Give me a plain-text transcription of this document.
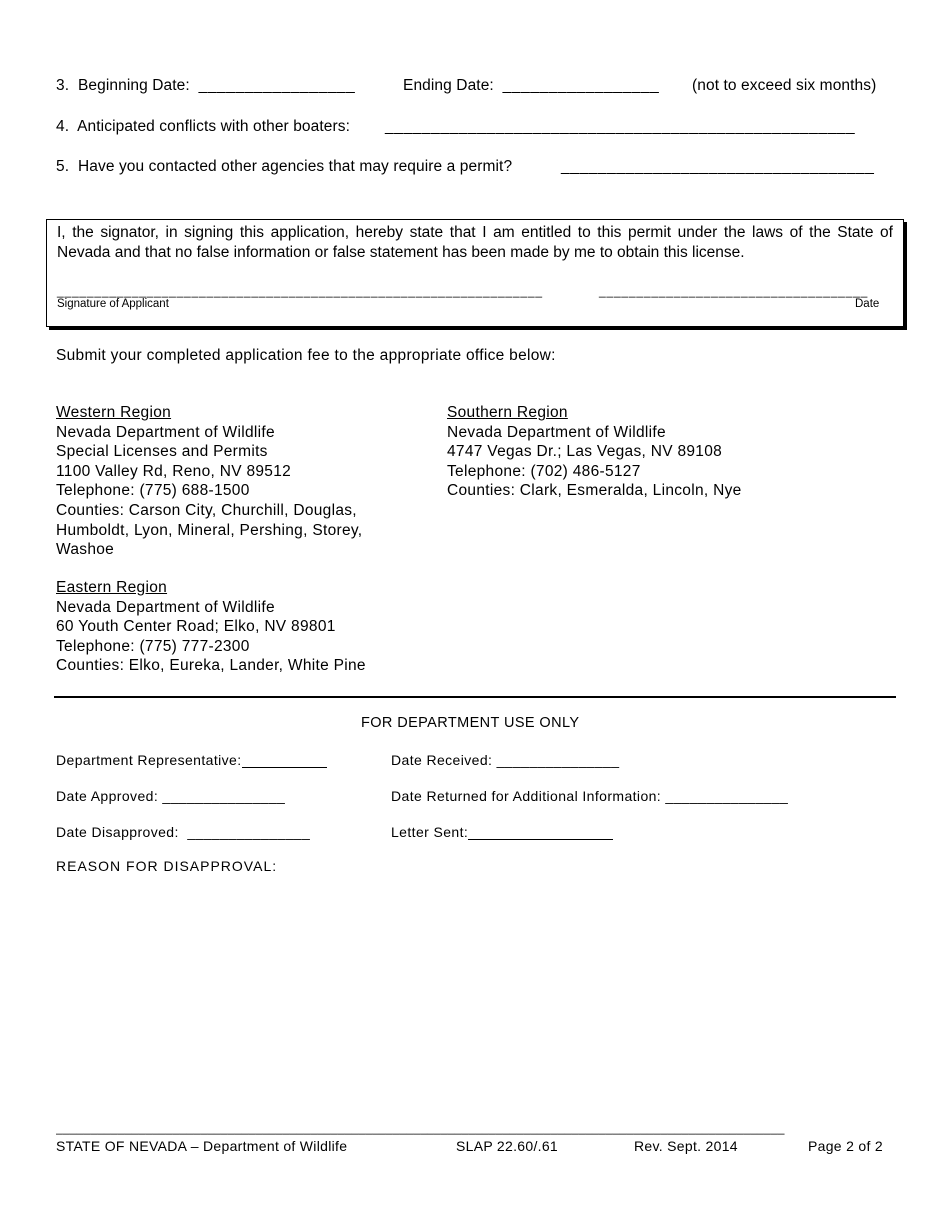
3. Beginning Date: _________________	Ending Date: _________________ (not to exceed six months)
4. Anticipated conflicts with other boaters: ___________________________________________________
5. Have you contacted other agencies that may require a permit?	__________________________________
I, the signator, in signing this application, hereby state that I am entitled to this permit under the laws of the State of Nevada and that no false information or false statement has been made by me to obtain this license.
_________________________________________________________________	____________________________________
Signature of Applicant	Date
Submit your completed application fee to the appropriate office below:
Western Region
Nevada Department of Wildlife
Special Licenses and Permits
1100 Valley Rd, Reno, NV 89512
Telephone: (775) 688-1500
Counties: Carson City, Churchill, Douglas,
Humboldt, Lyon, Mineral, Pershing, Storey,
Washoe
Southern Region
Nevada Department of Wildlife
4747 Vegas Dr.; Las Vegas, NV 89108
Telephone: (702) 486-5127
Counties: Clark, Esmeralda, Lincoln, Nye
Eastern Region
Nevada Department of Wildlife
60 Youth Center Road; Elko, NV 89801
Telephone: (775) 777-2300
Counties: Elko, Eureka, Lander, White Pine
FOR DEPARTMENT USE ONLY
Department Representative:	Date Received: _______________
Date Approved: _______________	Date Returned for Additional Information: _______________
Date Disapproved: _______________	Letter Sent:
REASON FOR DISAPPROVAL:
__________________________________________________________________________________________________________
STATE OF NEVADA – Department of Wildlife	SLAP 22.60/.61	Rev. Sept. 2014	Page 2 of 2
